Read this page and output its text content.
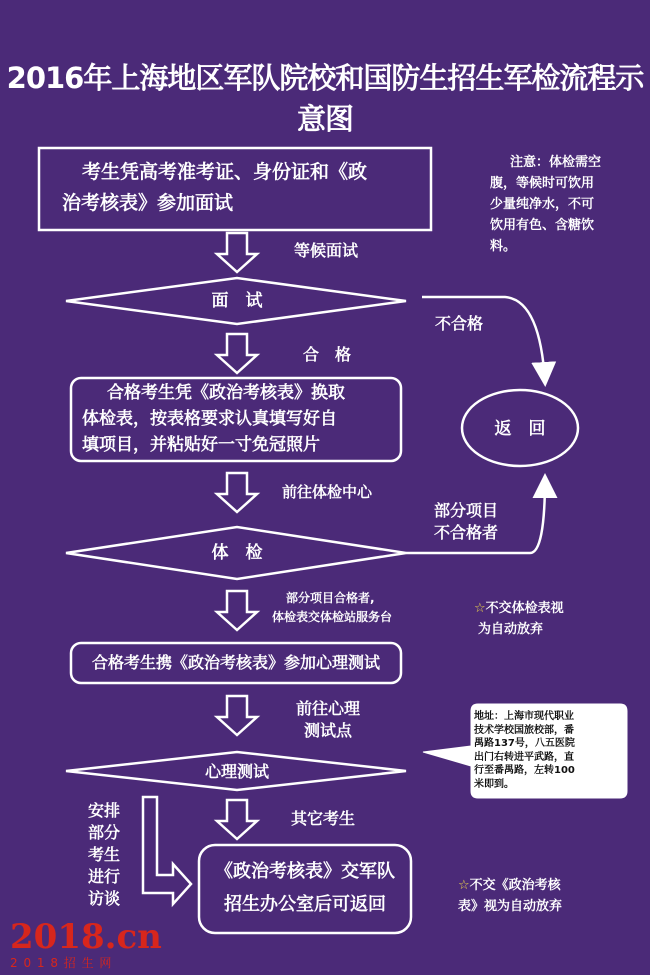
2016年上海地区军队院校和国防生招生军检流程示意图
考生凭高考准考证、身份证和《政
治考核表》参加面试
面　试
合格考生凭《政治考核表》换取
体检表，按表格要求认真填写好自
填项目，并粘贴好一寸免冠照片
体　检
合格考生携《政治考核表》参加心理测试
心理测试
《政治考核表》交军队
招生办公室后可返回
返　回
等候面试
合　格
不合格
前往体检中心
部分项目
不合格者
部分项目合格者,
体检表交体检站服务台
前往心理
测试点
其它考生
安排
部分
考生
进行
访谈
注意：体检需空
腹，等候时可饮用
少量纯净水，不可
饮用有色、含糖饮
料。
☆不交体检表视
为自动放弃
☆不交《政治考核
表》视为自动放弃
地址：上海市现代职业
技术学校国旅校部，番
禺路137号，八五医院
出门右转进平武路，直
行至番禺路，左转100
米即到。
2018.cn
2 0 1 8 招 生 网
